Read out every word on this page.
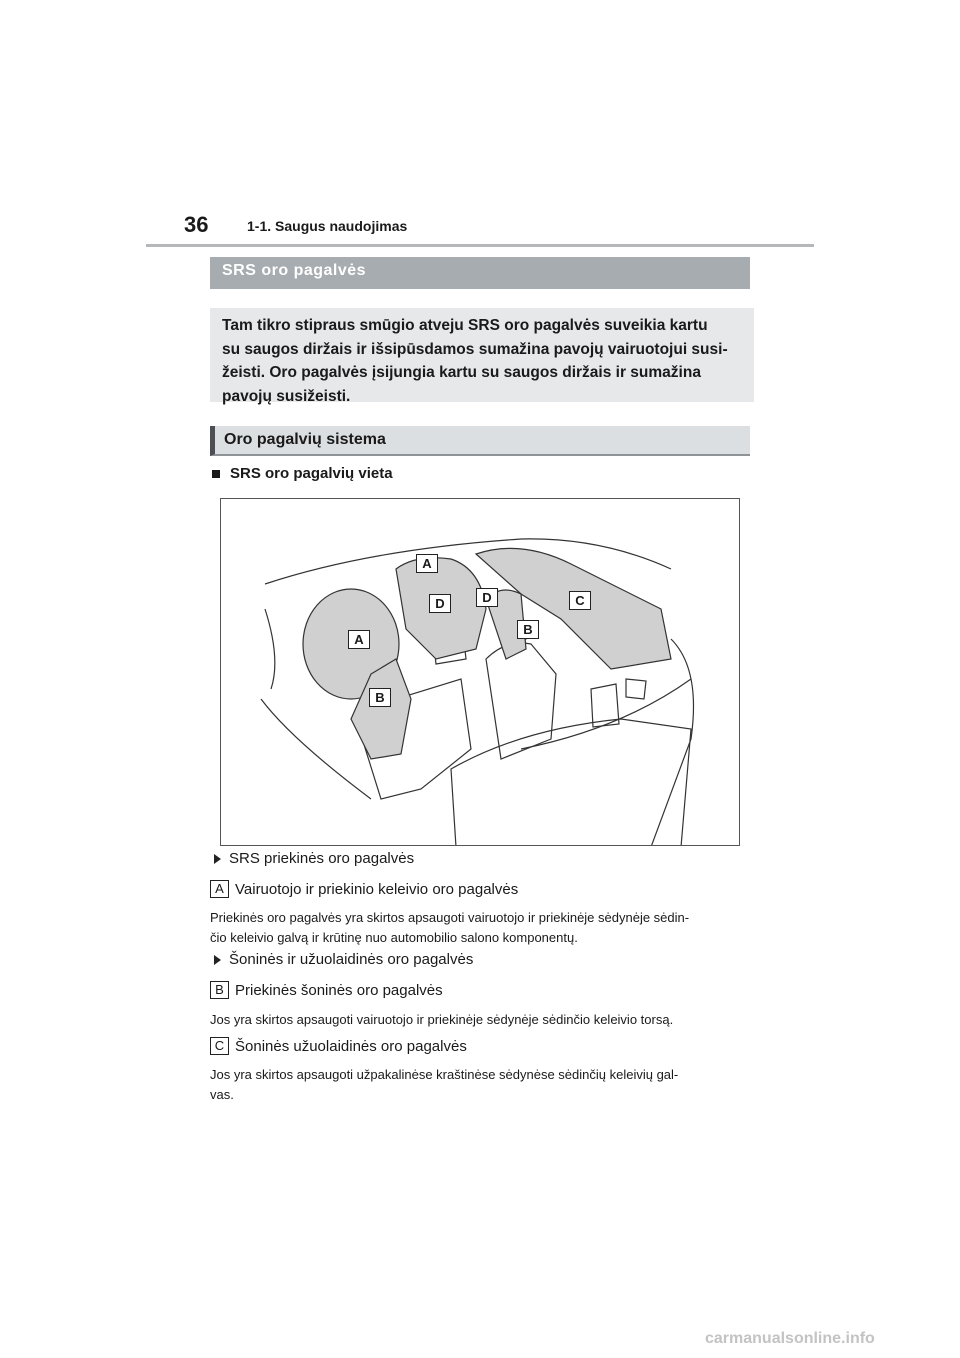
36	1-1. Saugus naudojimas
SRS oro pagalvės
Tam tikro stipraus smūgio atveju SRS oro pagalvės suveikia kartu
su saugos diržais ir išsipūsdamos sumažina pavojų vairuotojui susi-
žeisti. Oro pagalvės įsijungia kartu su saugos diržais ir sumažina
pavojų susižeisti.
Oro pagalvių sistema
SRS oro pagalvių vieta
A
A
D	D	C
B
B
SRS priekinės oro pagalvės
A Vairuotojo ir priekinio keleivio oro pagalvės
Priekinės oro pagalvės yra skirtos apsaugoti vairuotojo ir priekinėje sėdynėje sėdin-
čio keleivio galvą ir krūtinę nuo automobilio salono komponentų.
Šoninės ir užuolaidinės oro pagalvės
B Priekinės šoninės oro pagalvės
Jos yra skirtos apsaugoti vairuotojo ir priekinėje sėdynėje sėdinčio keleivio torsą.
C Šoninės užuolaidinės oro pagalvės
Jos yra skirtos apsaugoti užpakalinėse kraštinėse sėdynėse sėdinčių keleivių gal-
vas.
carmanualsonline.info
